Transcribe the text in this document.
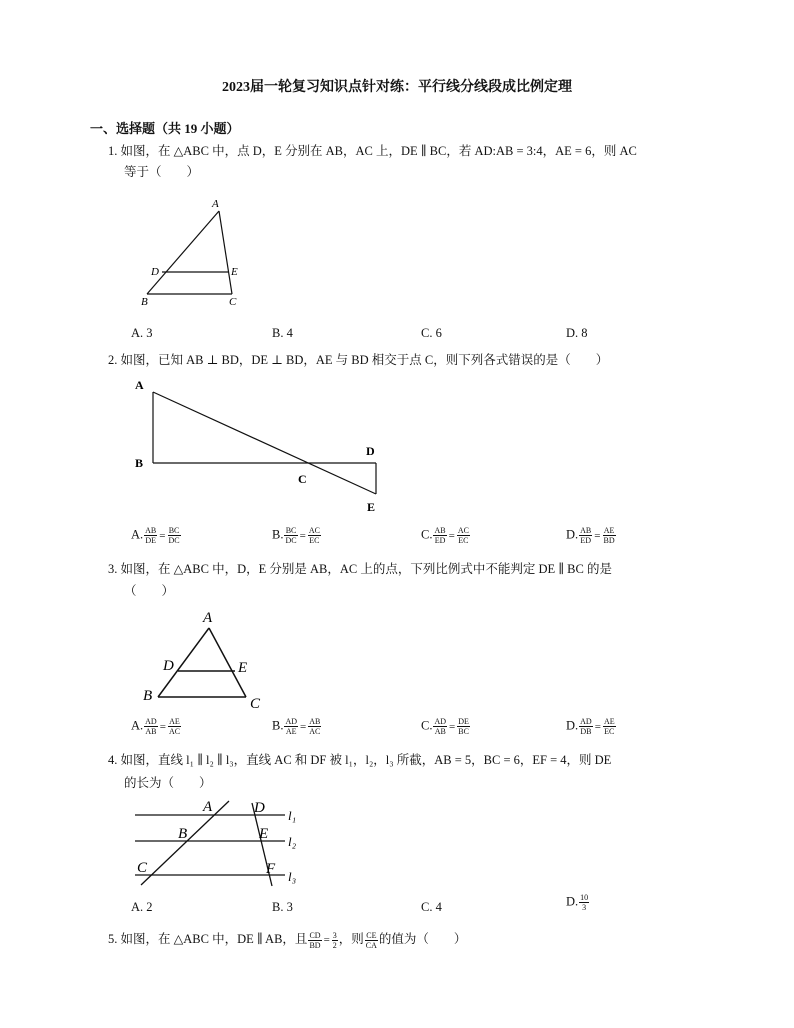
2023届一轮复习知识点针对练：平行线分线段成比例定理
一、选择题（共 19 小题）
1. 如图，在 △ABC 中，点 D，E 分别在 AB，AC 上，DE ∥ BC，若 AD:AB = 3:4，AE = 6，则 AC
等于（　　）
A
D	E
B	C
A. 3	B. 4	C. 6	D. 8
2. 如图，已知 AB ⊥ BD，DE ⊥ BD，AE 与 BD 相交于点 C，则下列各式错误的是（　　）
A
B
C
D
E
A. $\frac{AB}{DE} = \frac{BC}{DC}$	B. $\frac{BC}{DC} = \frac{AC}{EC}$	C. $\frac{AB}{ED} = \frac{AC}{EC}$	D. $\frac{AB}{ED} = \frac{AE}{BD}$
3. 如图，在 △ABC 中，D，E 分别是 AB，AC 上的点，下列比例式中不能判定 DE ∥ BC 的是
（　　）
A
D	E
B	C
A. $\frac{AD}{AB} = \frac{AE}{AC}$	B. $\frac{AD}{AE} = \frac{AB}{AC}$	C. $\frac{AD}{AB} = \frac{DE}{BC}$	D. $\frac{AD}{DB} = \frac{AE}{EC}$
4. 如图，直线 l₁ ∥ l₂ ∥ l₃，直线 AC 和 DF 被 l₁，l₂，l₃ 所截，AB = 5，BC = 6，EF = 4，则 DE
的长为（　　）
A	D l₁
B	E l₂
C	F l₃
A. 2	B. 3	C. 4	D. $\frac{10}{3}$
5. 如图，在 △ABC 中，DE ∥ AB，且 $\frac{CD}{BD} = \frac{3}{2}$ ，则 $\frac{CE}{CA}$ 的值为（　　）
